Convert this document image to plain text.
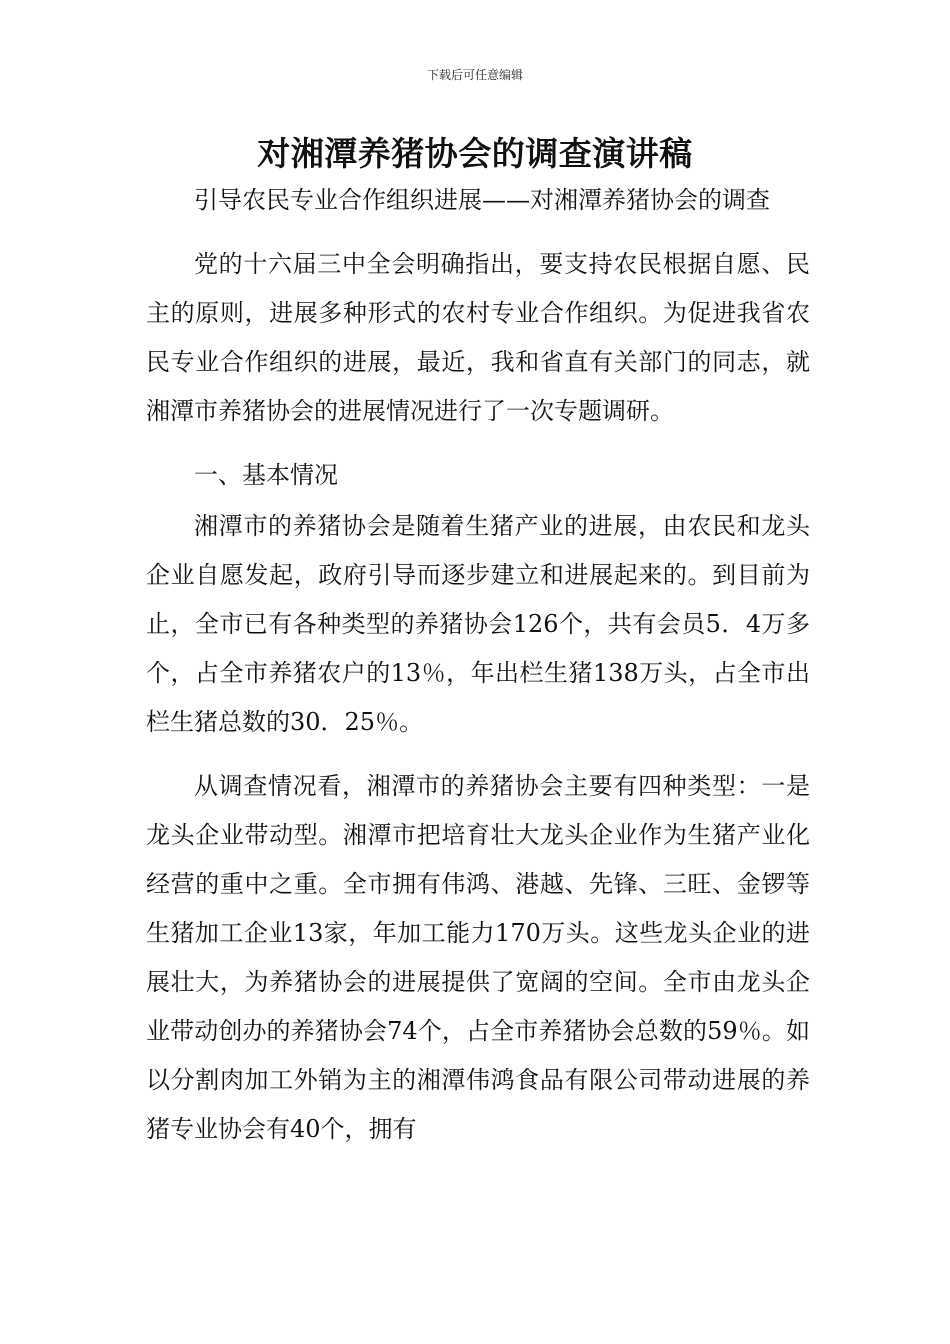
下载后可任意编辑
对湘潭养猪协会的调查演讲稿

引导农民专业合作组织进展——对湘潭养猪协会的调查

党的十六届三中全会明确指出，要支持农民根据自愿、民主的原则，进展多种形式的农村专业合作组织。为促进我省农民专业合作组织的进展，最近，我和省直有关部门的同志，就湘潭市养猪协会的进展情况进行了一次专题调研。

一、基本情况

湘潭市的养猪协会是随着生猪产业的进展，由农民和龙头企业自愿发起，政府引导而逐步建立和进展起来的。到目前为止，全市已有各种类型的养猪协会126个，共有会员5．4万多个，占全市养猪农户的13％，年出栏生猪138万头，占全市出栏生猪总数的30．25％。

从调查情况看，湘潭市的养猪协会主要有四种类型：一是龙头企业带动型。湘潭市把培育壮大龙头企业作为生猪产业化经营的重中之重。全市拥有伟鸿、港越、先锋、三旺、金锣等生猪加工企业13家，年加工能力170万头。这些龙头企业的进展壮大，为养猪协会的进展提供了宽阔的空间。全市由龙头企业带动创办的养猪协会74个，占全市养猪协会总数的59％。如以分割肉加工外销为主的湘潭伟鸿食品有限公司带动进展的养猪专业协会有40个，拥有
